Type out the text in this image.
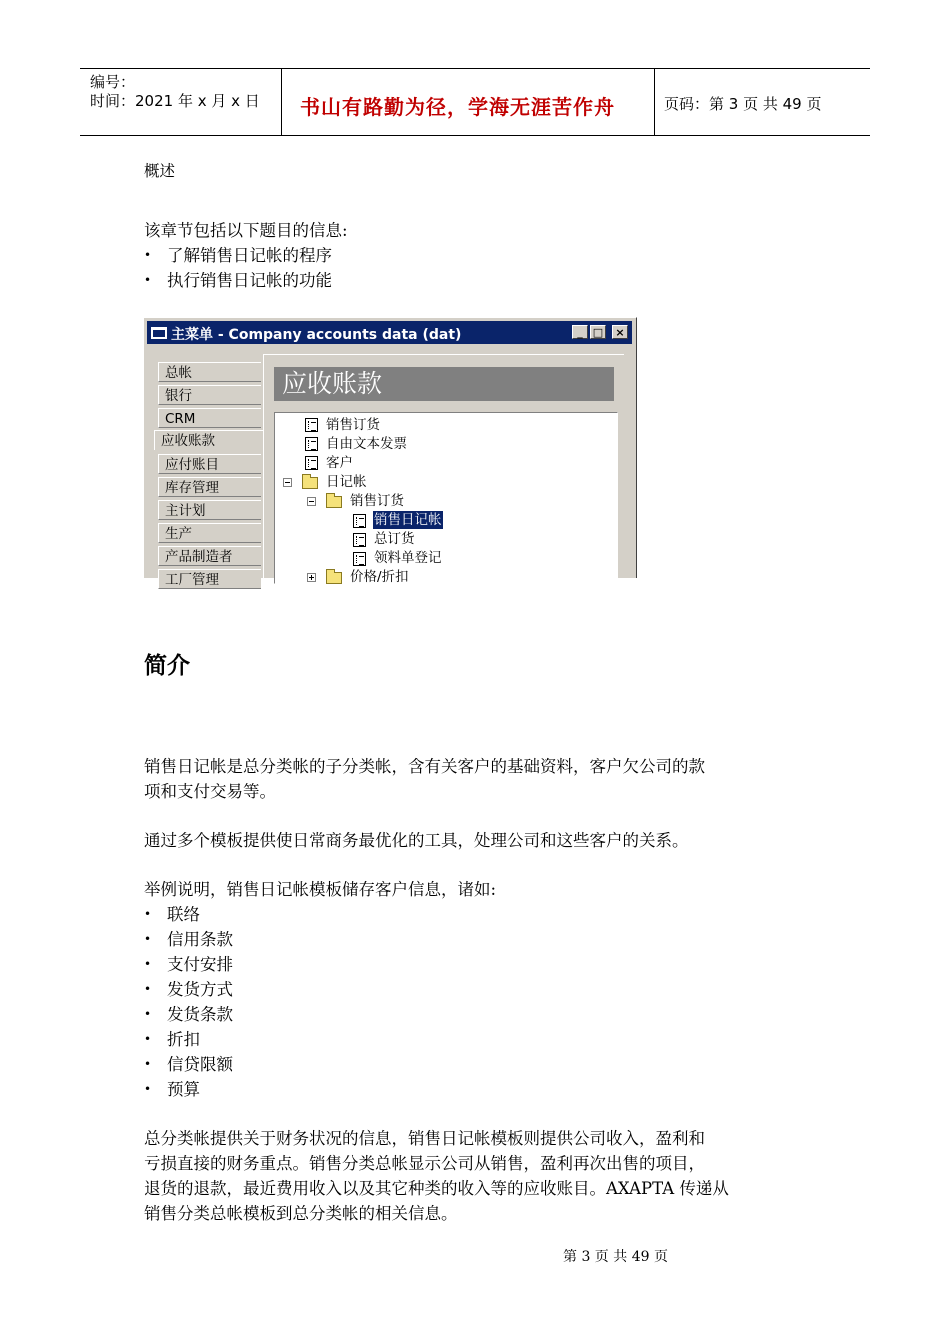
编号：
时间：2021 年 x 月 x 日 书山有路勤为径，学海无涯苦作舟	页码：第 3 页 共 49 页
概述
该章节包括以下题目的信息:
• 了解销售日记帐的程序
• 执行销售日记帐的功能
主菜单 - Company accounts data (dat)	_ □	×
总帐
银行
CRM
应收账款
应付账目
库存管理
主计划
生产
产品制造者
工厂管理
应收账款
销售订货
自由文本发票
客户
日记帐
销售订货
销售日记帐
总订货
领料单登记
价格/折扣
简介
销售日记帐是总分类帐的子分类帐，含有关客户的基础资料，客户欠公司的款
项和支付交易等。
通过多个模板提供使日常商务最优化的工具，处理公司和这些客户的关系。
举例说明，销售日记帐模板储存客户信息，诸如:
• 联络
• 信用条款
• 支付安排
• 发货方式
• 发货条款
• 折扣
• 信贷限额
• 预算
总分类帐提供关于财务状况的信息，销售日记帐模板则提供公司收入，盈利和
亏损直接的财务重点。销售分类总帐显示公司从销售，盈利再次出售的项目，
退货的退款，最近费用收入以及其它种类的收入等的应收账目。AXAPTA 传递从
销售分类总帐模板到总分类帐的相关信息。
第 3 页 共 49 页
